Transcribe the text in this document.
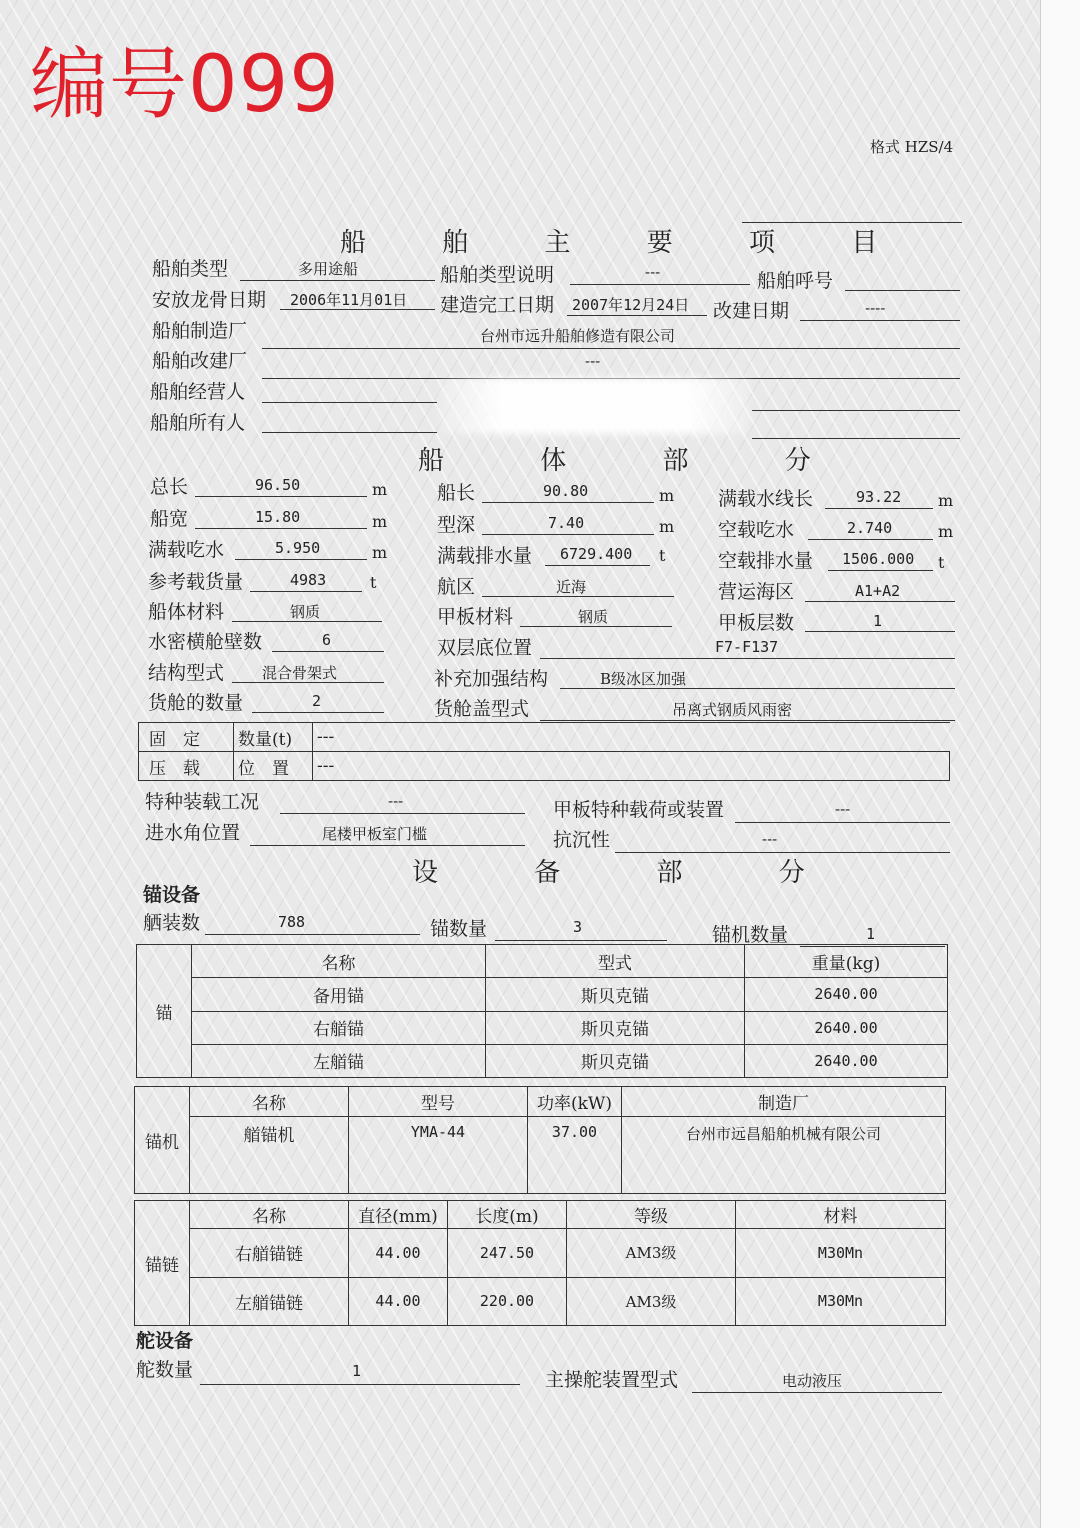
编号099
格式 HZS/4
船 舶 主 要 项 目
船舶类型	多用途船	船舶类型说明	---	船舶呼号
安放龙骨日期 2006年11月01日 建造完工日期 2007年12月24日 改建日期	----
船舶制造厂	台州市远升船舶修造有限公司
船舶改建厂	---
船舶经营人
船舶所有人
船 体 部 分
总长	96.50	m	船长	90.80	m 满载水线长	93.22 m
船宽	15.80	m	型深	7.40	m 空载吃水	2.740	m
满载吃水	5.950	m	满载排水量 6729.400 t	空载排水量 1506.000 t
参考载货量	4983	t	航区	近海	营运海区	A1+A2
船体材料	钢质	甲板材料	钢质	甲板层数	1
水密横舱壁数	6	双层底位置	F7-F137
结构型式	混合骨架式	补充加强结构	B级冰区加强
货舱的数量	2	货舱盖型式	吊离式钢质风雨密
固　定	数量(t)	---
压　载	位　置	---
特种装载工况	---	甲板特种载荷或装置	---
进水角位置	尾楼甲板室门槛	抗沉性	---
设 备 部 分
锚设备
舾装数	788	锚数量	3	锚机数量	1
锚	名称	型式	重量(kg)
	备用锚	斯贝克锚	2640.00
	右艏锚	斯贝克锚	2640.00
	左艏锚	斯贝克锚	2640.00
锚机	名称	型号	功率(kW)	制造厂
	艏锚机	YMA-44	37.00	台州市远昌船舶机械有限公司
锚链	名称	直径(mm)	长度(m)	等级	材料
	右艏锚链	44.00	247.50	AM3级	M30Mn
	左艏锚链	44.00	220.00	AM3级	M30Mn
舵设备
舵数量	1	主操舵装置型式	电动液压
